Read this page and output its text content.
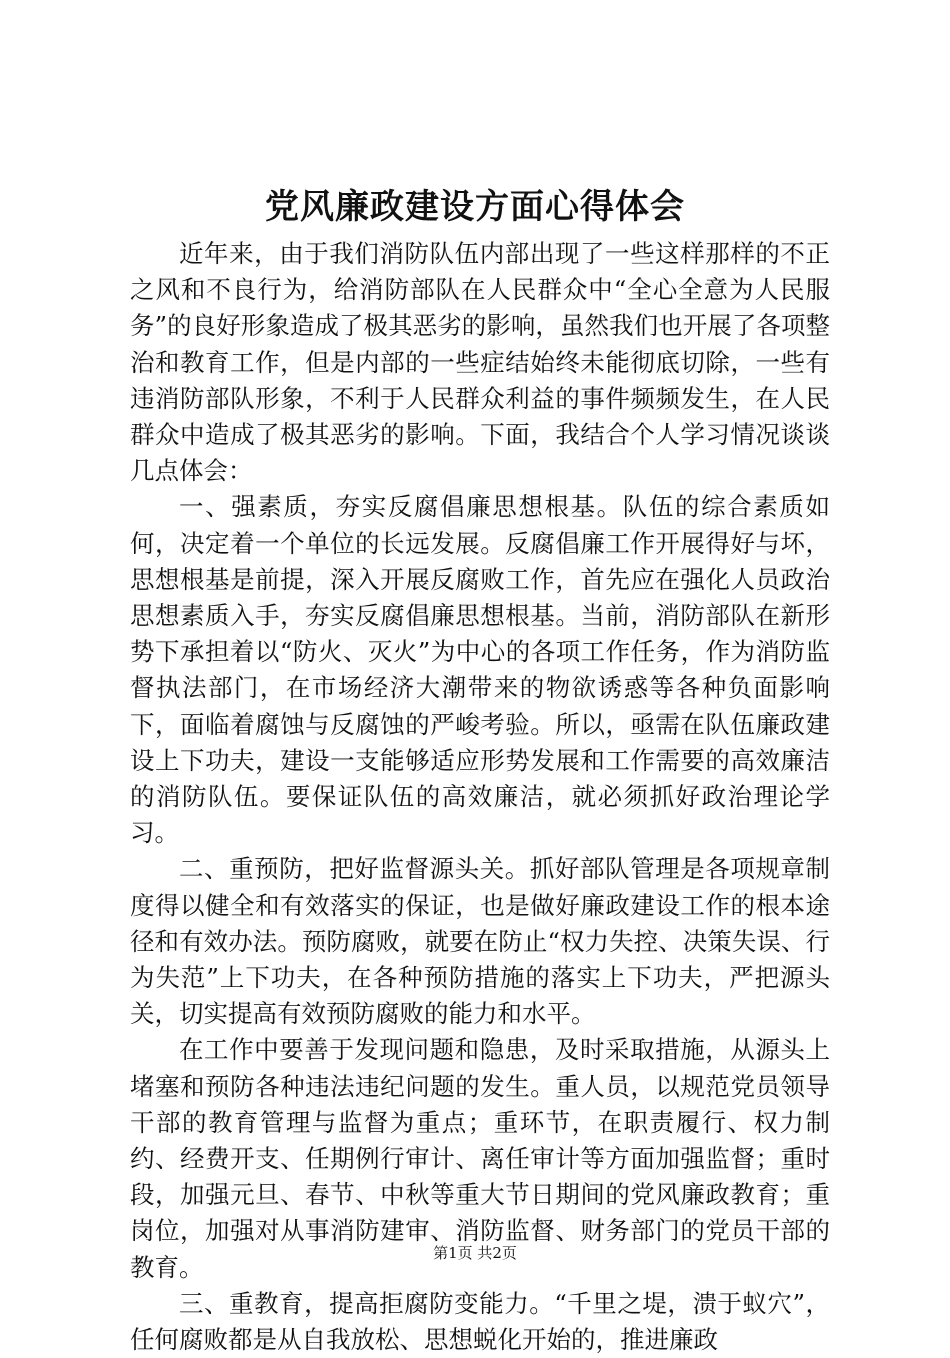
党风廉政建设方面心得体会

近年来，由于我们消防队伍内部出现了一些这样那样的不正之风和不良行为，给消防部队在人民群众中“全心全意为人民服务”的良好形象造成了极其恶劣的影响，虽然我们也开展了各项整治和教育工作，但是内部的一些症结始终未能彻底切除，一些有违消防部队形象，不利于人民群众利益的事件频频发生，在人民群众中造成了极其恶劣的影响。下面，我结合个人学习情况谈谈几点体会：

一、强素质，夯实反腐倡廉思想根基。队伍的综合素质如何，决定着一个单位的长远发展。反腐倡廉工作开展得好与坏，思想根基是前提，深入开展反腐败工作，首先应在强化人员政治思想素质入手，夯实反腐倡廉思想根基。当前，消防部队在新形势下承担着以“防火、灭火”为中心的各项工作任务，作为消防监督执法部门，在市场经济大潮带来的物欲诱惑等各种负面影响下，面临着腐蚀与反腐蚀的严峻考验。所以，亟需在队伍廉政建设上下功夫，建设一支能够适应形势发展和工作需要的高效廉洁的消防队伍。要保证队伍的高效廉洁，就必须抓好政治理论学习。

二、重预防，把好监督源头关。抓好部队管理是各项规章制度得以健全和有效落实的保证，也是做好廉政建设工作的根本途径和有效办法。预防腐败，就要在防止“权力失控、决策失误、行为失范”上下功夫，在各种预防措施的落实上下功夫，严把源头关，切实提高有效预防腐败的能力和水平。

在工作中要善于发现问题和隐患，及时采取措施，从源头上堵塞和预防各种违法违纪问题的发生。重人员，以规范党员领导干部的教育管理与监督为重点；重环节，在职责履行、权力制约、经费开支、任期例行审计、离任审计等方面加强监督；重时段，加强元旦、春节、中秋等重大节日期间的党风廉政教育；重岗位，加强对从事消防建审、消防监督、财务部门的党员干部的教育。

三、重教育，提高拒腐防变能力。“千里之堤，溃于蚁穴”，任何腐败都是从自我放松、思想蜕化开始的，推进廉政

第1页 共2页
